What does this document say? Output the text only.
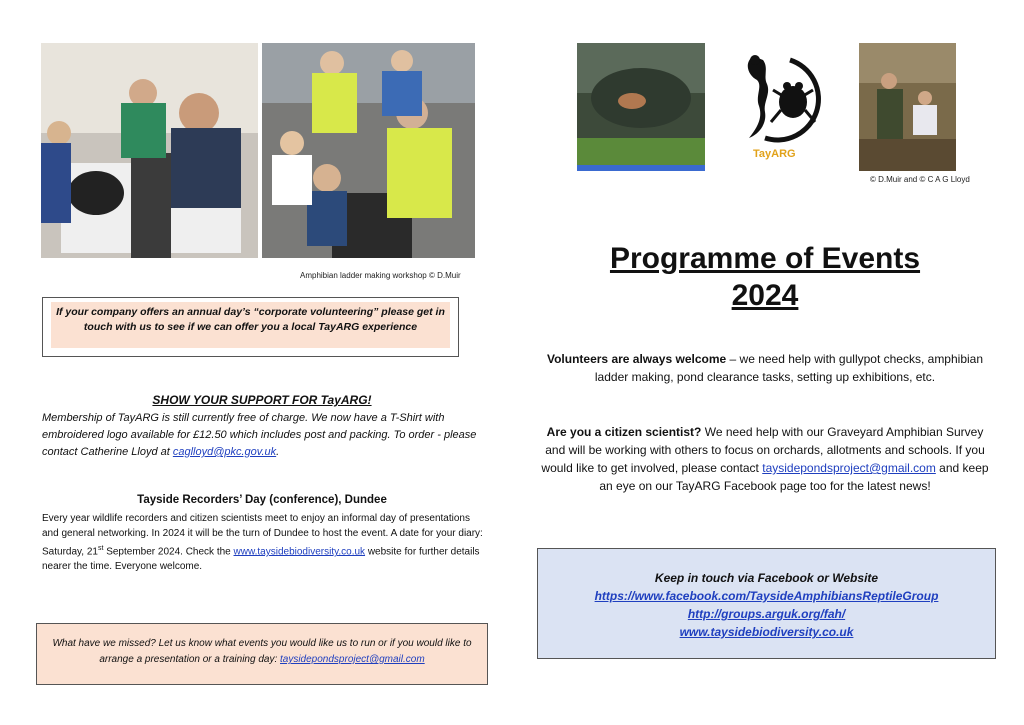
Amphibian ladder making workshop © D.Muir
If your company offers an annual day’s “corporate volunteering” please get in touch with us to see if we can offer you a local TayARG experience
SHOW YOUR SUPPORT FOR TayARG!
Membership of TayARG is still currently free of charge. We now have a T-Shirt with embroidered logo available for £12.50 which includes post and packing. To order - please contact Catherine Lloyd at caglloyd@pkc.gov.uk.
Tayside Recorders’ Day (conference), Dundee
Every year wildlife recorders and citizen scientists meet to enjoy an informal day of presentations and general networking. In 2024 it will be the turn of Dundee to host the event. A date for your diary: Saturday, 21st September 2024. Check the www.taysidebiodiversity.co.uk website for further details nearer the time. Everyone welcome.
What have we missed? Let us know what events you would like us to run or if you would like to arrange a presentation or a training day: taysidepondsproject@gmail.com
TayARG
© D.Muir and © C A G Lloyd
Programme of Events
2024
Volunteers are always welcome – we need help with gullypot checks, amphibian ladder making, pond clearance tasks, setting up exhibitions, etc.
Are you a citizen scientist? We need help with our Graveyard Amphibian Survey and will be working with others to focus on orchards, allotments and schools. If you would like to get involved, please contact taysidepondsproject@gmail.com and keep an eye on our TayARG Facebook page too for the latest news!
Keep in touch via Facebook or Website
https://www.facebook.com/TaysideAmphibiansReptileGroup
http://groups.arguk.org/fah/
www.taysidebiodiversity.co.uk
